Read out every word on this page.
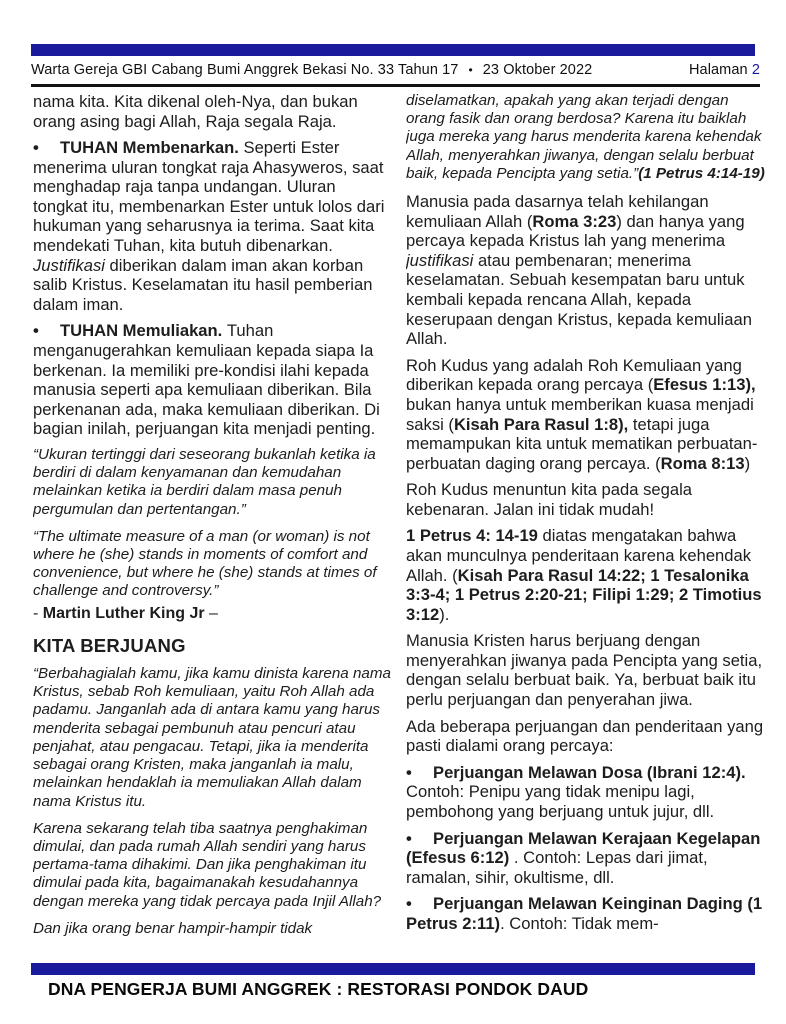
Warta Gereja GBI Cabang Bumi Anggrek Bekasi No. 33 Tahun 17 • 23 Oktober 2022	Halaman 2

nama kita. Kita dikenal oleh-Nya, dan bukan orang asing bagi Allah, Raja segala Raja.

• TUHAN Membenarkan. Seperti Ester menerima uluran tongkat raja Ahasyweros, saat menghadap raja tanpa undangan. Uluran tongkat itu, membenarkan Ester untuk lolos dari hukuman yang seharusnya ia terima. Saat kita mendekati Tuhan, kita butuh dibenarkan. Justifikasi diberikan dalam iman akan korban salib Kristus. Keselamatan itu hasil pemberian dalam iman.

• TUHAN Memuliakan. Tuhan menganugerahkan kemuliaan kepada siapa Ia berkenan. Ia memiliki pre-kondisi ilahi kepada manusia seperti apa kemuliaan diberikan. Bila perkenanan ada, maka kemuliaan diberikan. Di bagian inilah, perjuangan kita menjadi penting.

“Ukuran tertinggi dari seseorang bukanlah ketika ia berdiri di dalam kenyamanan dan kemudahan melainkan ketika ia berdiri dalam masa penuh pergumulan dan pertentangan.”

“The ultimate measure of a man (or woman) is not where he (she) stands in moments of comfort and convenience, but where he (she) stands at times of challenge and controversy.”

- Martin Luther King Jr –

KITA BERJUANG

“Berbahagialah kamu, jika kamu dinista karena nama Kristus, sebab Roh kemuliaan, yaitu Roh Allah ada padamu. Janganlah ada di antara kamu yang harus menderita sebagai pembunuh atau pencuri atau penjahat, atau pengacau. Tetapi, jika ia menderita sebagai orang Kristen, maka janganlah ia malu, melainkan hendaklah ia memuliakan Allah dalam nama Kristus itu.

Karena sekarang telah tiba saatnya penghakiman dimulai, dan pada rumah Allah sendiri yang harus pertama-tama dihakimi. Dan jika penghakiman itu dimulai pada kita, bagaimanakah kesudahannya dengan mereka yang tidak percaya pada Injil Allah?

Dan jika orang benar hampir-hampir tidak

diselamatkan, apakah yang akan terjadi dengan orang fasik dan orang berdosa? Karena itu baiklah juga mereka yang harus menderita karena kehendak Allah, menyerahkan jiwanya, dengan selalu berbuat baik, kepada Pencipta yang setia.”(1 Petrus 4:14-19)

Manusia pada dasarnya telah kehilangan kemuliaan Allah (Roma 3:23) dan hanya yang percaya kepada Kristus lah yang menerima justifikasi atau pembenaran; menerima keselamatan. Sebuah kesempatan baru untuk kembali kepada rencana Allah, kepada keserupaan dengan Kristus, kepada kemuliaan Allah.

Roh Kudus yang adalah Roh Kemuliaan yang diberikan kepada orang percaya (Efesus 1:13), bukan hanya untuk memberikan kuasa menjadi saksi (Kisah Para Rasul 1:8), tetapi juga memampukan kita untuk mematikan perbuatan-perbuatan daging orang percaya. (Roma 8:13)

Roh Kudus menuntun kita pada segala kebenaran. Jalan ini tidak mudah!

1 Petrus 4: 14-19 diatas mengatakan bahwa akan munculnya penderitaan karena kehendak Allah. (Kisah Para Rasul 14:22; 1 Tesalonika 3:3-4; 1 Petrus 2:20-21; Filipi 1:29; 2 Timotius 3:12).

Manusia Kristen harus berjuang dengan menyerahkan jiwanya pada Pencipta yang setia, dengan selalu berbuat baik. Ya, berbuat baik itu perlu perjuangan dan penyerahan jiwa.

Ada beberapa perjuangan dan penderitaan yang pasti dialami orang percaya:

• Perjuangan Melawan Dosa (Ibrani 12:4). Contoh: Penipu yang tidak menipu lagi, pembohong yang berjuang untuk jujur, dll.

• Perjuangan Melawan Kerajaan Kegelapan (Efesus 6:12) . Contoh: Lepas dari jimat, ramalan, sihir, okultisme, dll.

• Perjuangan Melawan Keinginan Daging (1 Petrus 2:11). Contoh: Tidak mem-

DNA PENGERJA BUMI ANGGREK : RESTORASI PONDOK DAUD
